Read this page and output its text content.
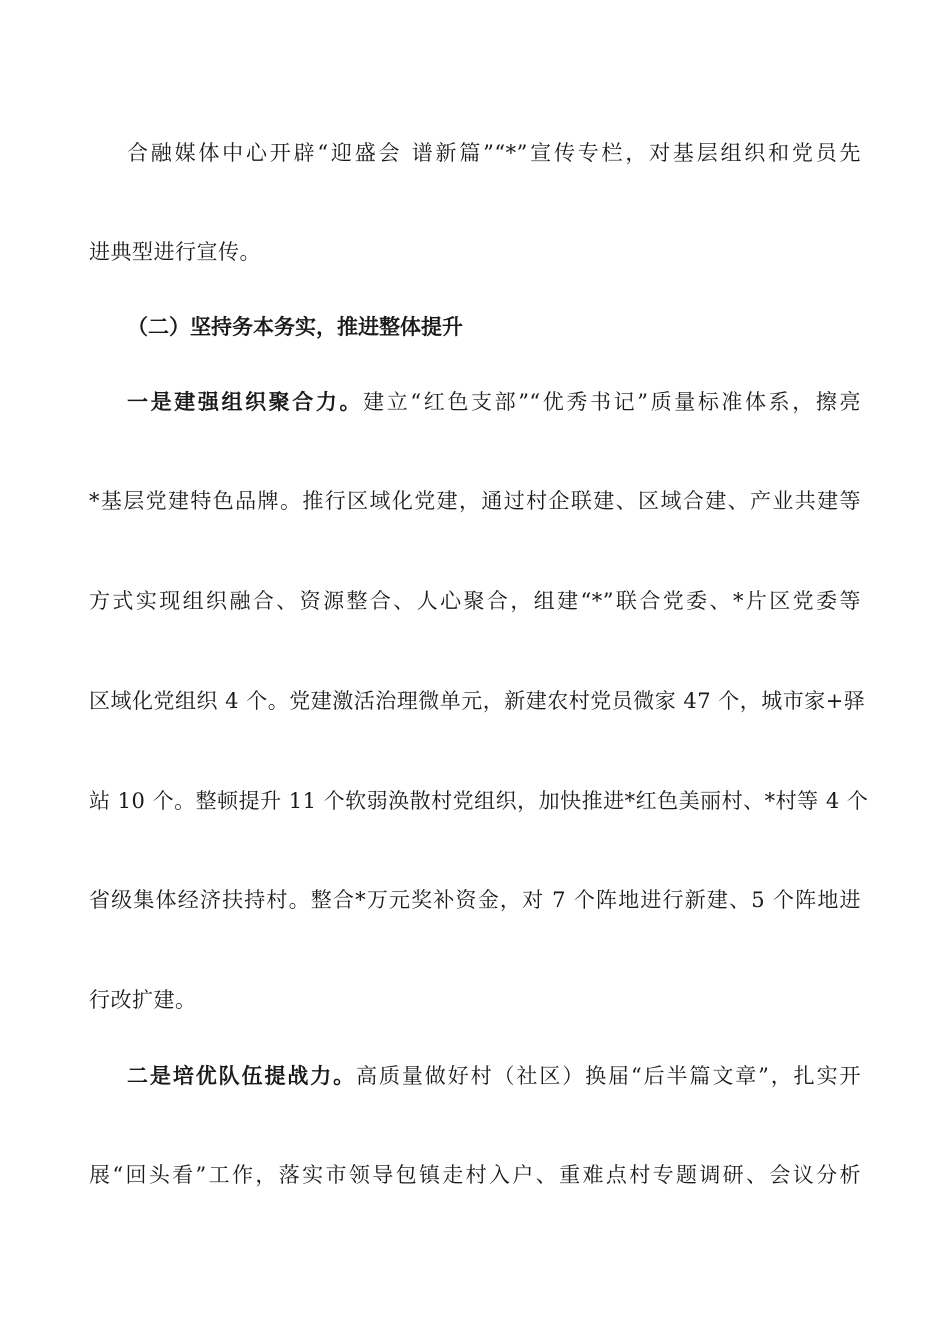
合融媒体中心开辟“迎盛会 谱新篇”“*”宣传专栏，对基层组织和党员先
进典型进行宣传。
（二）坚持务本务实，推进整体提升
一是建强组织聚合力。建立“红色支部”“优秀书记”质量标准体系，擦亮
*基层党建特色品牌。推行区域化党建，通过村企联建、区域合建、产业共建等
方式实现组织融合、资源整合、人心聚合，组建“*”联合党委、*片区党委等
区域化党组织 4 个。党建激活治理微单元，新建农村党员微家 47 个，城市家+驿
站 10 个。整顿提升 11 个软弱涣散村党组织，加快推进*红色美丽村、*村等 4 个
省级集体经济扶持村。整合*万元奖补资金，对 7 个阵地进行新建、5 个阵地进
行改扩建。
二是培优队伍提战力。高质量做好村（社区）换届“后半篇文章”，扎实开
展“回头看”工作，落实市领导包镇走村入户、重难点村专题调研、会议分析
